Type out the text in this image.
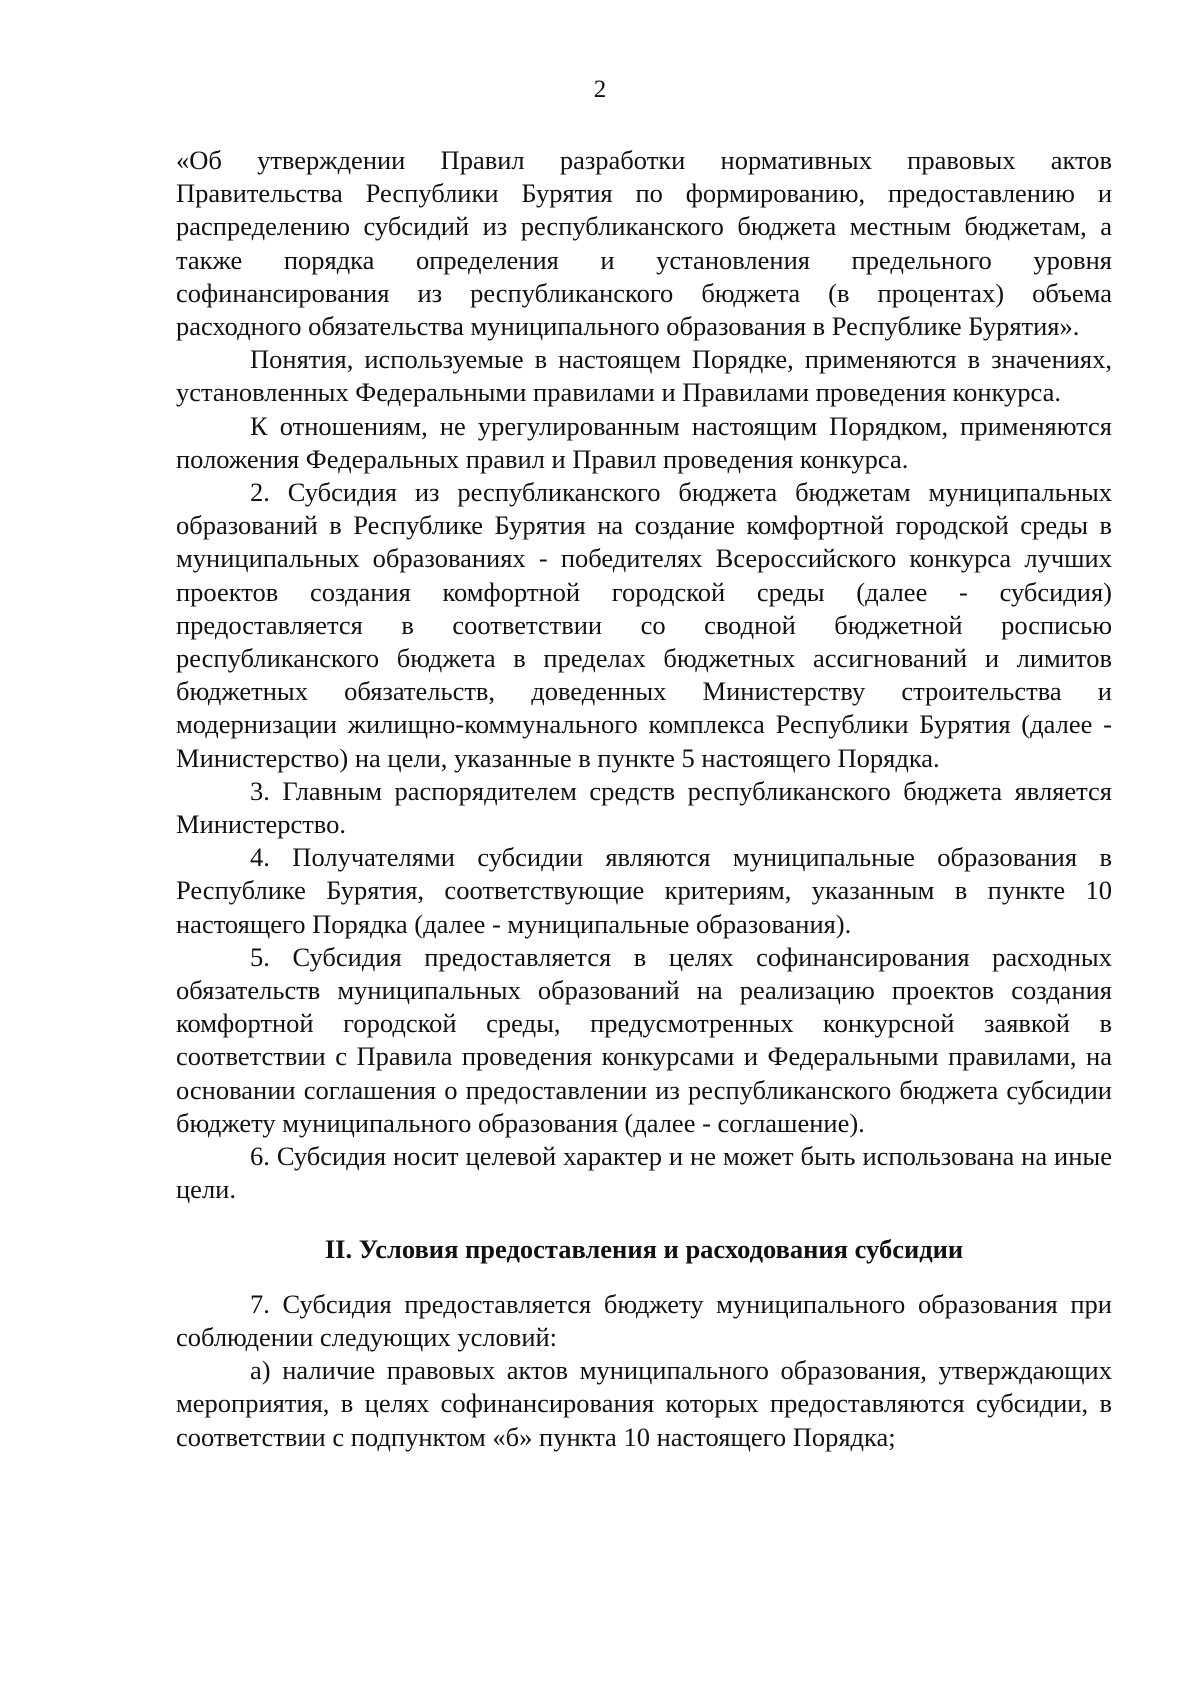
2

«Об утверждении Правил разработки нормативных правовых актов Правительства Республики Бурятия по формированию, предоставлению и распределению субсидий из республиканского бюджета местным бюджетам, а также порядка определения и установления предельного уровня софинансирования из республиканского бюджета (в процентах) объема расходного обязательства муниципального образования в Республике Бурятия».

Понятия, используемые в настоящем Порядке, применяются в значениях, установленных Федеральными правилами и Правилами проведения конкурса.

К отношениям, не урегулированным настоящим Порядком, применяются положения Федеральных правил и Правил проведения конкурса.

2. Субсидия из республиканского бюджета бюджетам муниципальных образований в Республике Бурятия на создание комфортной городской среды в муниципальных образованиях - победителях Всероссийского конкурса лучших проектов создания комфортной городской среды (далее - субсидия) предоставляется в соответствии со сводной бюджетной росписью республиканского бюджета в пределах бюджетных ассигнований и лимитов бюджетных обязательств, доведенных Министерству строительства и модернизации жилищно-коммунального комплекса Республики Бурятия (далее - Министерство) на цели, указанные в пункте 5 настоящего Порядка.

3. Главным распорядителем средств республиканского бюджета является Министерство.

4. Получателями субсидии являются муниципальные образования в Республике Бурятия, соответствующие критериям, указанным в пункте 10 настоящего Порядка (далее - муниципальные образования).

5. Субсидия предоставляется в целях софинансирования расходных обязательств муниципальных образований на реализацию проектов создания комфортной городской среды, предусмотренных конкурсной заявкой в соответствии с Правила проведения конкурсами и Федеральными правилами, на основании соглашения о предоставлении из республиканского бюджета субсидии бюджету муниципального образования (далее - соглашение).

6. Субсидия носит целевой характер и не может быть использована на иные цели.

II. Условия предоставления и расходования субсидии

7. Субсидия предоставляется бюджету муниципального образования при соблюдении следующих условий:

а) наличие правовых актов муниципального образования, утверждающих мероприятия, в целях софинансирования которых предоставляются субсидии, в соответствии с подпунктом «б» пункта 10 настоящего Порядка;
